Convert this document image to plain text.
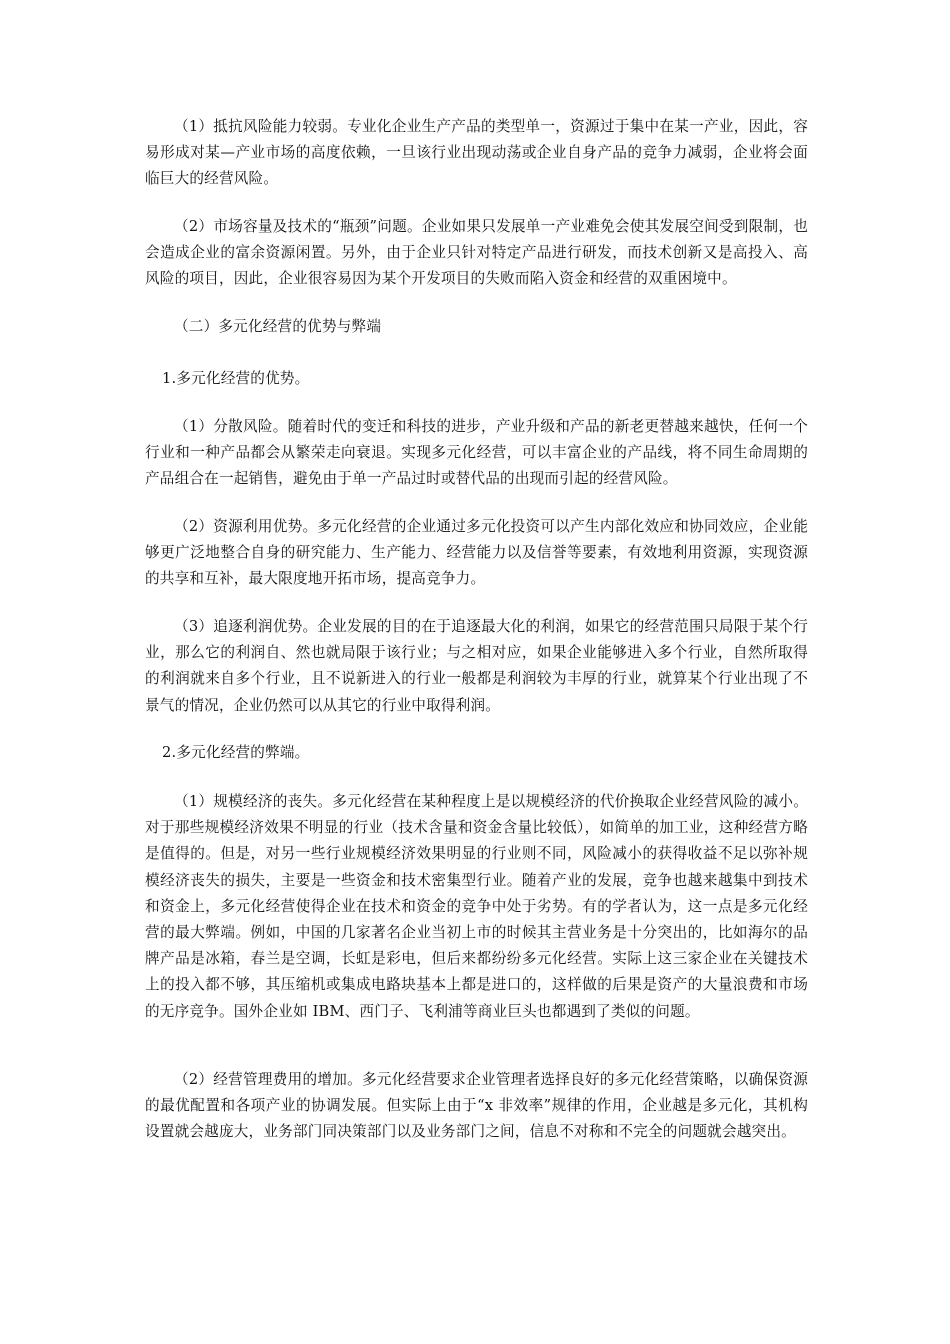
（1）抵抗风险能力较弱。专业化企业生产产品的类型单一，资源过于集中在某一产业，因此，容易形成对某—产业市场的高度依赖，一旦该行业出现动荡或企业自身产品的竞争力减弱，企业将会面临巨大的经营风险。

（2）市场容量及技术的“瓶颈”问题。企业如果只发展单一产业难免会使其发展空间受到限制，也会造成企业的富余资源闲置。另外，由于企业只针对特定产品进行研发，而技术创新又是高投入、高风险的项目，因此，企业很容易因为某个开发项目的失败而陷入资金和经营的双重困境中。

（二）多元化经营的优势与弊端

1.多元化经营的优势。

（1）分散风险。随着时代的变迁和科技的进步，产业升级和产品的新老更替越来越快，任何一个行业和一种产品都会从繁荣走向衰退。实现多元化经营，可以丰富企业的产品线，将不同生命周期的产品组合在一起销售，避免由于单一产品过时或替代品的出现而引起的经营风险。

（2）资源利用优势。多元化经营的企业通过多元化投资可以产生内部化效应和协同效应，企业能够更广泛地整合自身的研究能力、生产能力、经营能力以及信誉等要素，有效地利用资源，实现资源的共享和互补，最大限度地开拓市场，提高竞争力。

（3）追逐利润优势。企业发展的目的在于追逐最大化的利润，如果它的经营范围只局限于某个行业，那么它的利润自、然也就局限于该行业；与之相对应，如果企业能够进入多个行业，自然所取得的利润就来自多个行业，且不说新进入的行业一般都是利润较为丰厚的行业，就算某个行业出现了不景气的情况，企业仍然可以从其它的行业中取得利润。

2.多元化经营的弊端。

（1）规模经济的丧失。多元化经营在某种程度上是以规模经济的代价换取企业经营风险的减小。对于那些规模经济效果不明显的行业（技术含量和资金含量比较低），如简单的加工业，这种经营方略是值得的。但是，对另一些行业规模经济效果明显的行业则不同，风险减小的获得收益不足以弥补规模经济丧失的损失，主要是一些资金和技术密集型行业。随着产业的发展，竞争也越来越集中到技术和资金上，多元化经营使得企业在技术和资金的竞争中处于劣势。有的学者认为，这一点是多元化经营的最大弊端。例如，中国的几家著名企业当初上市的时候其主营业务是十分突出的，比如海尔的品牌产品是冰箱，春兰是空调，长虹是彩电，但后来都纷纷多元化经营。实际上这三家企业在关键技术上的投入都不够，其压缩机或集成电路块基本上都是进口的，这样做的后果是资产的大量浪费和市场的无序竞争。国外企业如 IBM、西门子、飞利浦等商业巨头也都遇到了类似的问题。

（2）经营管理费用的增加。多元化经营要求企业管理者选择良好的多元化经营策略，以确保资源的最优配置和各项产业的协调发展。但实际上由于“x 非效率”规律的作用，企业越是多元化，其机构设置就会越庞大，业务部门同决策部门以及业务部门之间，信息不对称和不完全的问题就会越突出。
